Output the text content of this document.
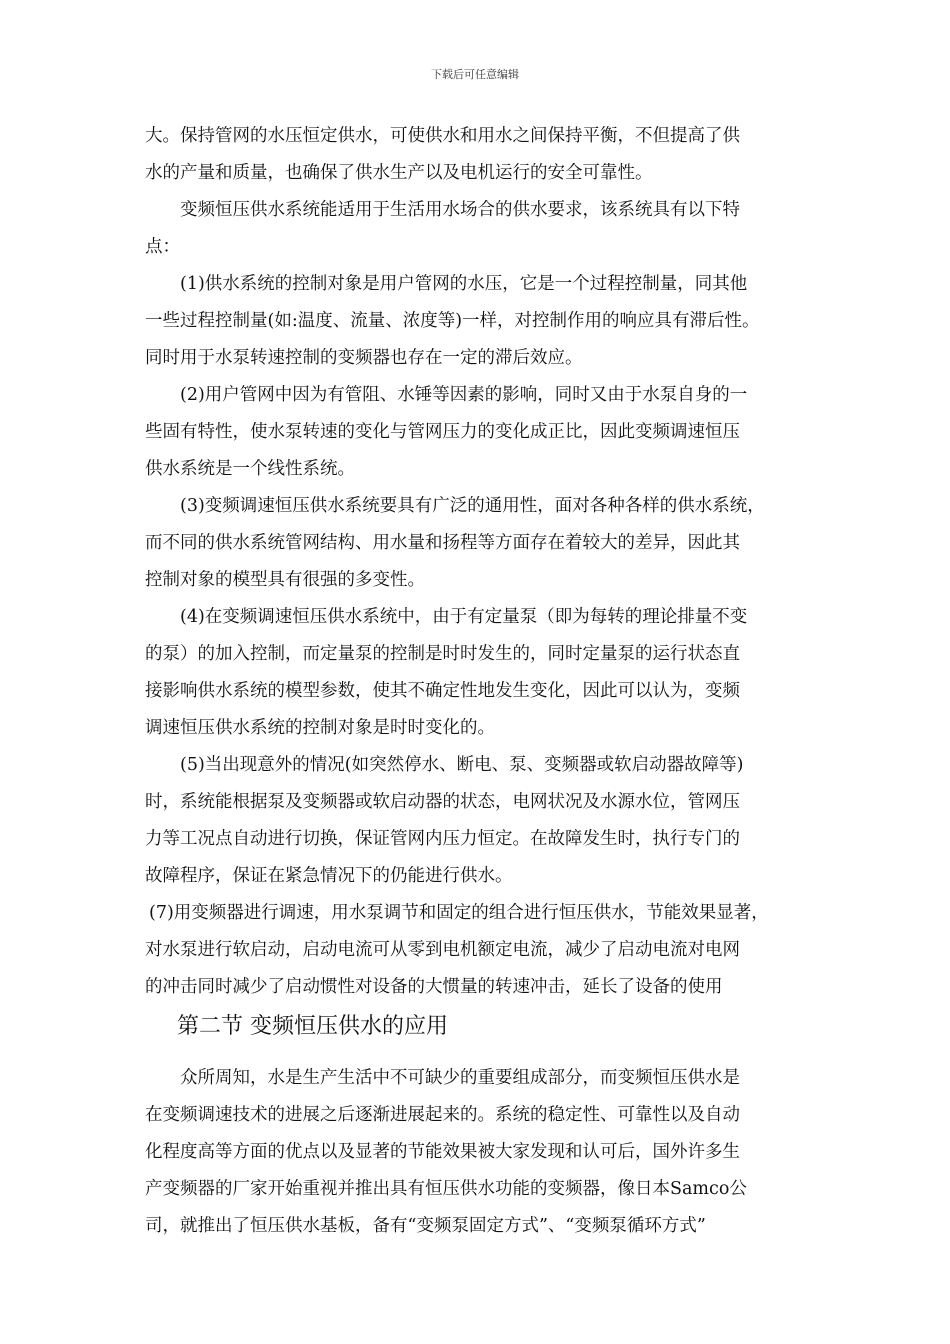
下载后可任意编辑
大。保持管网的水压恒定供水，可使供水和用水之间保持平衡，不但提高了供
水的产量和质量，也确保了供水生产以及电机运行的安全可靠性。
变频恒压供水系统能适用于生活用水场合的供水要求，该系统具有以下特
点：
(1)供水系统的控制对象是用户管网的水压，它是一个过程控制量，同其他
一些过程控制量(如:温度、流量、浓度等)一样，对控制作用的响应具有滞后性。
同时用于水泵转速控制的变频器也存在一定的滞后效应。
(2)用户管网中因为有管阻、水锤等因素的影响，同时又由于水泵自身的一
些固有特性，使水泵转速的变化与管网压力的变化成正比，因此变频调速恒压
供水系统是一个线性系统。
(3)变频调速恒压供水系统要具有广泛的通用性，面对各种各样的供水系统，
而不同的供水系统管网结构、用水量和扬程等方面存在着较大的差异，因此其
控制对象的模型具有很强的多变性。
(4)在变频调速恒压供水系统中，由于有定量泵（即为每转的理论排量不变
的泵）的加入控制，而定量泵的控制是时时发生的，同时定量泵的运行状态直
接影响供水系统的模型参数，使其不确定性地发生变化，因此可以认为，变频
调速恒压供水系统的控制对象是时时变化的。
(5)当出现意外的情况(如突然停水、断电、泵、变频器或软启动器故障等)
时，系统能根据泵及变频器或软启动器的状态，电网状况及水源水位，管网压
力等工况点自动进行切换，保证管网内压力恒定。在故障发生时，执行专门的
故障程序，保证在紧急情况下的仍能进行供水。
(7)用变频器进行调速，用水泵调节和固定的组合进行恒压供水，节能效果显著，
对水泵进行软启动，启动电流可从零到电机额定电流，减少了启动电流对电网
的冲击同时减少了启动惯性对设备的大惯量的转速冲击，延长了设备的使用
第二节 变频恒压供水的应用
众所周知，水是生产生活中不可缺少的重要组成部分，而变频恒压供水是
在变频调速技术的进展之后逐渐进展起来的。系统的稳定性、可靠性以及自动
化程度高等方面的优点以及显著的节能效果被大家发现和认可后，国外许多生
产变频器的厂家开始重视并推出具有恒压供水功能的变频器，像日本Samco公
司，就推出了恒压供水基板，备有“变频泵固定方式”、“变频泵循环方式”
